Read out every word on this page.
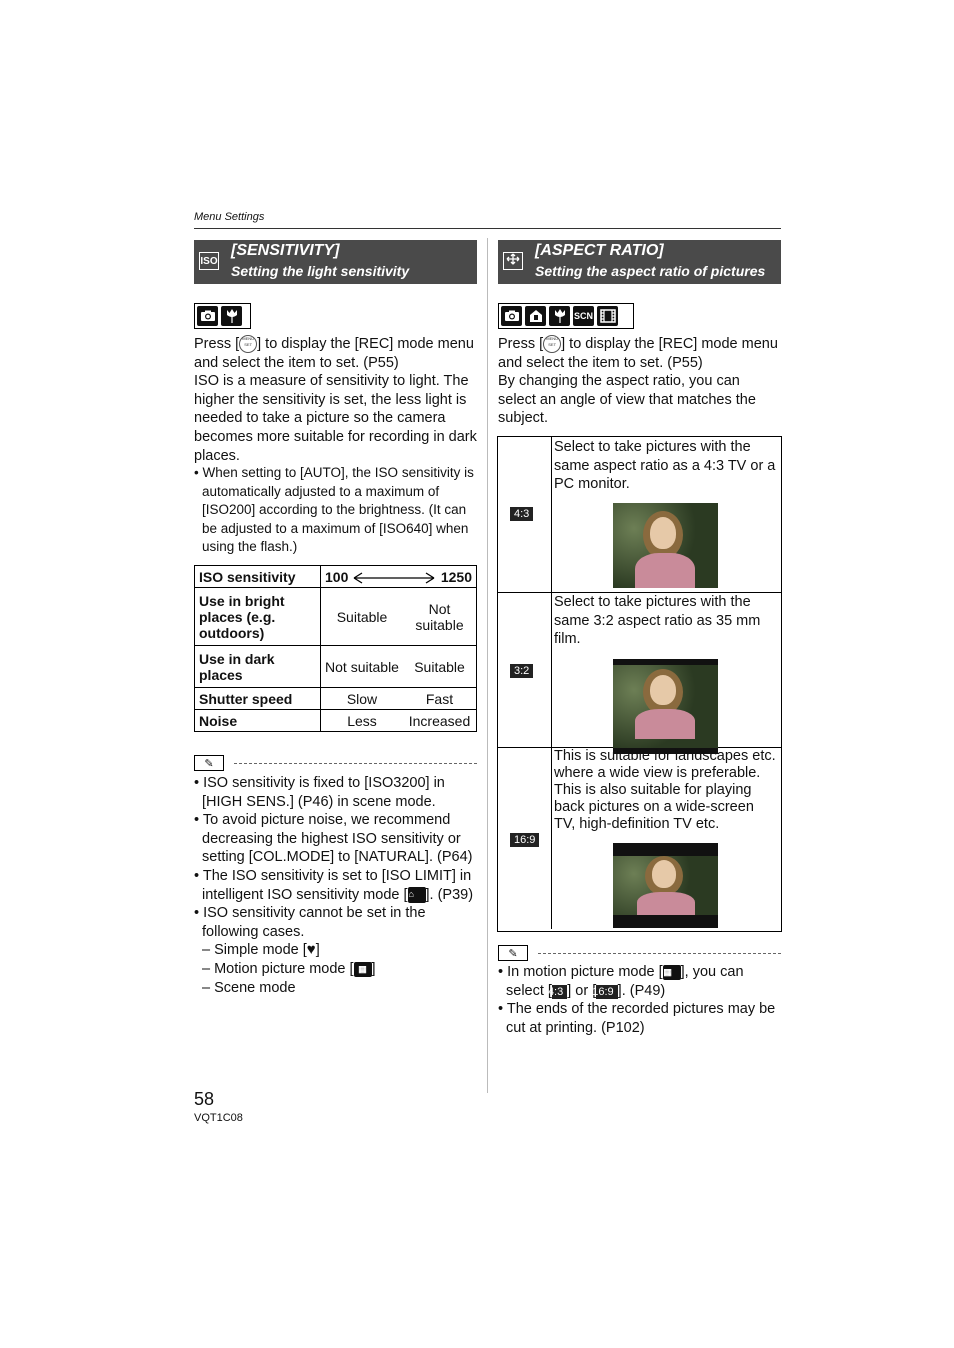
Menu Settings
ISO
[SENSITIVITY]
Setting the light sensitivity

Press [ MENU
SET ] to display the [REC] mode menu and select the item to set. (P55)

ISO is a measure of sensitivity to light. The higher the sensitivity is set, the less light is needed to take a picture so the camera becomes more suitable for recording in dark places.

• When setting to [AUTO], the ISO sensitivity is automatically adjusted to a maximum of [ISO200] according to the brightness. (It can be adjusted to a maximum of [ISO640] when using the flash.)

ISO sensitivity	100 1250	

Use in bright places (e.g. outdoors)	Suitable	Not suitable
Use in dark places	Not suitable	Suitable
Shutter speed	Slow	Fast
Noise	Less	Increased
✎

• ISO sensitivity is fixed to [ISO3200] in [HIGH SENS.] (P46) in scene mode.

• To avoid picture noise, we recommend decreasing the highest ISO sensitivity or setting [COL.MODE] to [NATURAL]. (P64)

• The ISO sensitivity is set to [ISO LIMIT] in intelligent ISO sensitivity mode [⌂ ]. (P39)

• ISO sensitivity cannot be set in the following cases.

– Simple mode [♥]

– Motion picture mode [ ▦ ]

– Scene mode

[ASPECT RATIO]
Setting the aspect ratio of pictures
SCN

Press [ MENU
SET ] to display the [REC] mode menu and select the item to set. (P55)

By changing the aspect ratio, you can select an angle of view that matches the subject.

4:3
Select to take pictures with the same aspect ratio as a 4:3 TV or a PC monitor.
3:2
Select to take pictures with the same 3:2 aspect ratio as 35 mm film.
16:9
This is suitable for landscapes etc. where a wide view is preferable. This is also suitable for playing back pictures on a wide-screen TV, high-definition TV etc.
✎

• In motion picture mode [▦ ], you can select [4:3 ] or [16:9 ]. (P49)

• The ends of the recorded pictures may be cut at printing. (P102)

58
VQT1C08
